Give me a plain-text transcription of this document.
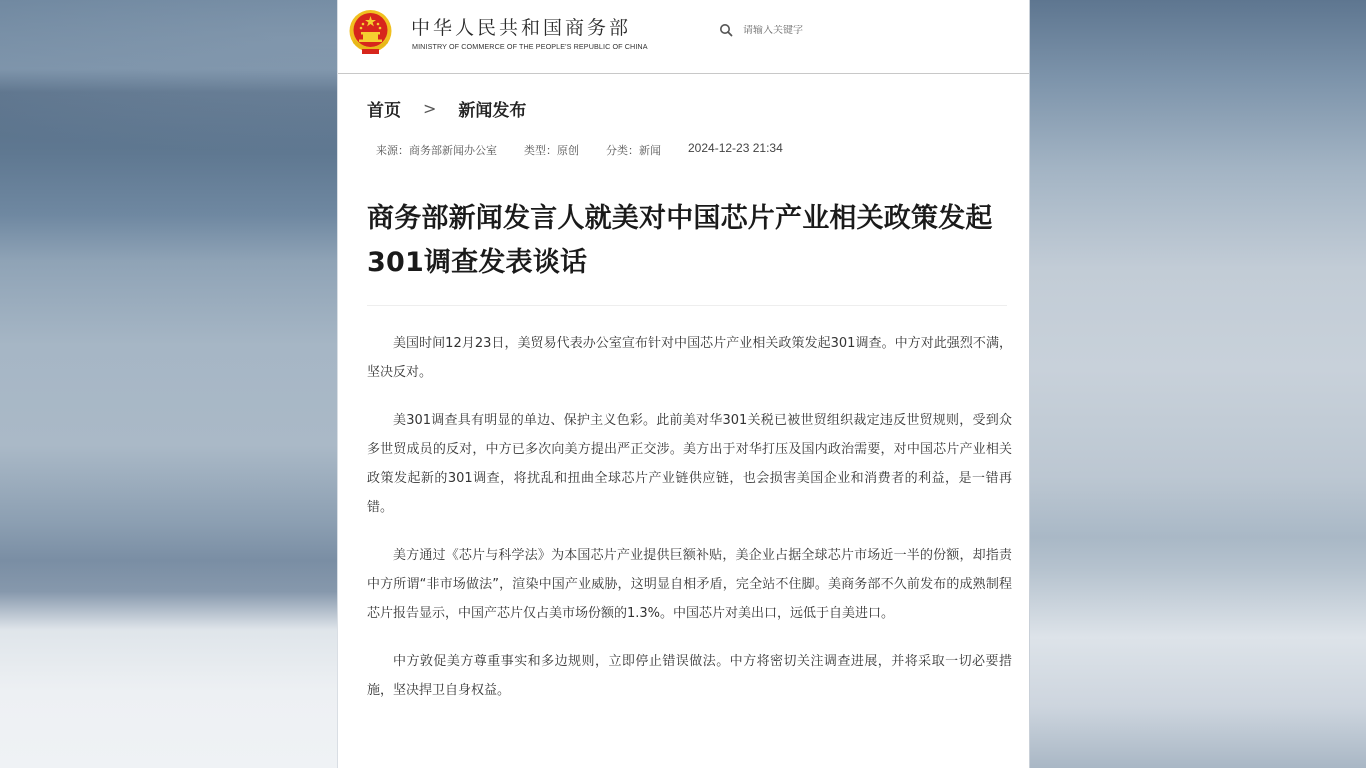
中华人民共和国商务部
MINISTRY OF COMMERCE OF THE PEOPLE'S REPUBLIC OF CHINA
请输入关键字
首页 > 新闻发布
来源：商务部新闻办公室 类型：原创 分类：新闻 2024-12-23 21:34
商务部新闻发言人就美对中国芯片产业相关政策发起301调查发表谈话

美国时间12月23日，美贸易代表办公室宣布针对中国芯片产业相关政策发起301调查。中方对此强烈不满，坚决反对。

美301调查具有明显的单边、保护主义色彩。此前美对华301关税已被世贸组织裁定违反世贸规则，受到众多世贸成员的反对，中方已多次向美方提出严正交涉。美方出于对华打压及国内政治需要，对中国芯片产业相关政策发起新的301调查，将扰乱和扭曲全球芯片产业链供应链，也会损害美国企业和消费者的利益，是一错再错。

美方通过《芯片与科学法》为本国芯片产业提供巨额补贴，美企业占据全球芯片市场近一半的份额，却指责中方所谓“非市场做法”，渲染中国产业威胁，这明显自相矛盾，完全站不住脚。美商务部不久前发布的成熟制程芯片报告显示，中国产芯片仅占美市场份额的1.3%。中国芯片对美出口，远低于自美进口。

中方敦促美方尊重事实和多边规则，立即停止错误做法。中方将密切关注调查进展，并将采取一切必要措施，坚决捍卫自身权益。
